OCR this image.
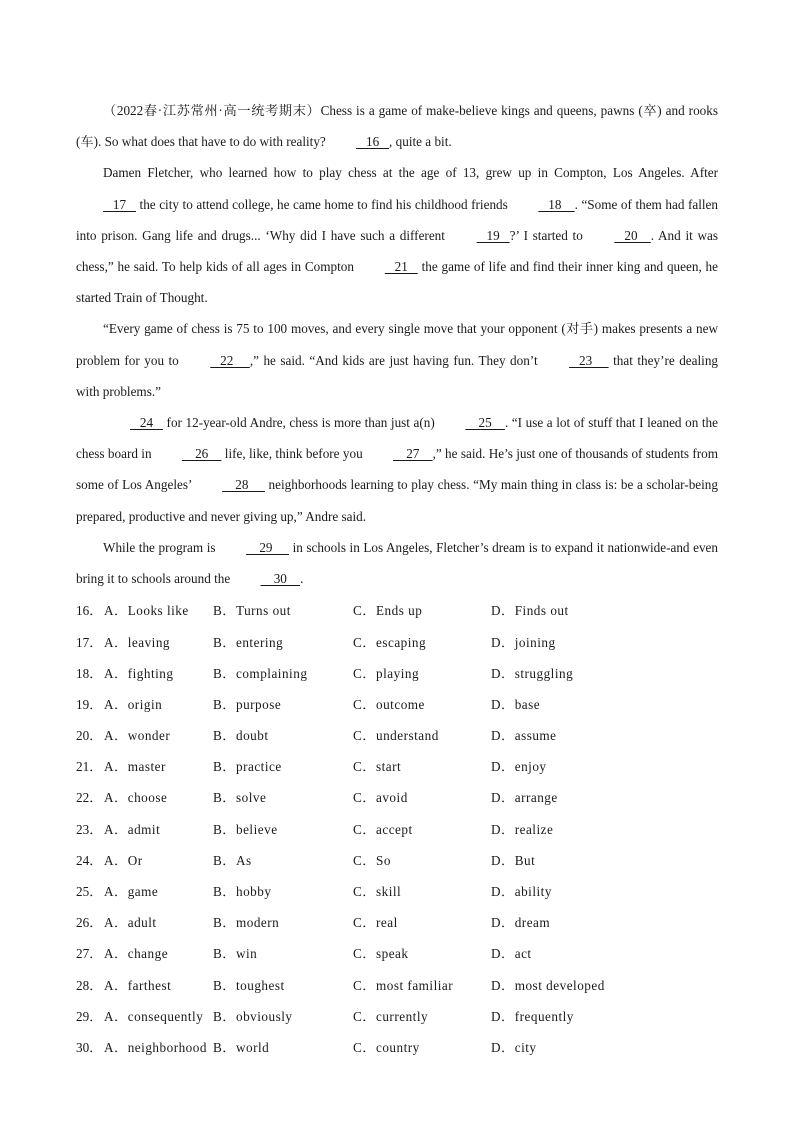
（2022春·江苏常州·高一统考期末）Chess is a game of make-believe kings and queens, pawns (卒) and rooks (车). So what does that have to do with reality?    16   , quite a bit.

Damen Fletcher, who learned how to play chess at the age of 13, grew up in Compton, Los Angeles. After    17    the city to attend college, he came home to find his childhood friends    18    . “Some of them had fallen into prison. Gang life and drugs... ‘Why did I have such a different    19   ?’ I started to    20    . And it was chess,” he said. To help kids of all ages in Compton    21    the game of life and find their inner king and queen, he started Train of Thought.

“Every game of chess is 75 to 100 moves, and every single move that your opponent (对手) makes presents a new problem for you to    22     ,” he said. “And kids are just having fun. They don’t    23      that they’re dealing with problems.”

24    for 12-year-old Andre, chess is more than just a(n)     25    . “I use a lot of stuff that I leaned on the chess board in     26     life, like, think before you     27    ,” he said. He’s just one of thousands of students from some of Los Angeles’     28      neighborhoods learning to play chess. “My main thing in class is: be a scholar-being prepared, productive and never giving up,” Andre said.

While the program is     29      in schools in Los Angeles, Fletcher’s dream is to expand it nationwide-and even bring it to schools around the     30    .

16． A．Looks like	B．Turns out	C．Ends up	D．Finds out
17． A．leaving	B．entering	C．escaping	D．joining
18． A．fighting	B．complaining	C．playing	D．struggling
19． A．origin	B．purpose	C．outcome	D．base
20． A．wonder	B．doubt	C．understand	D．assume
21． A．master	B．practice	C．start	D．enjoy
22． A．choose	B．solve	C．avoid	D．arrange
23． A．admit	B．believe	C．accept	D．realize
24． A．Or	B．As	C．So	D．But
25． A．game	B．hobby	C．skill	D．ability
26． A．adult	B．modern	C．real	D．dream
27． A．change	B．win	C．speak	D．act
28． A．farthest	B．toughest	C．most familiar	D．most developed
29． A．consequently B．obviously	C．currently	D．frequently
30． A．neighborhood B．world	C．country	D．city
